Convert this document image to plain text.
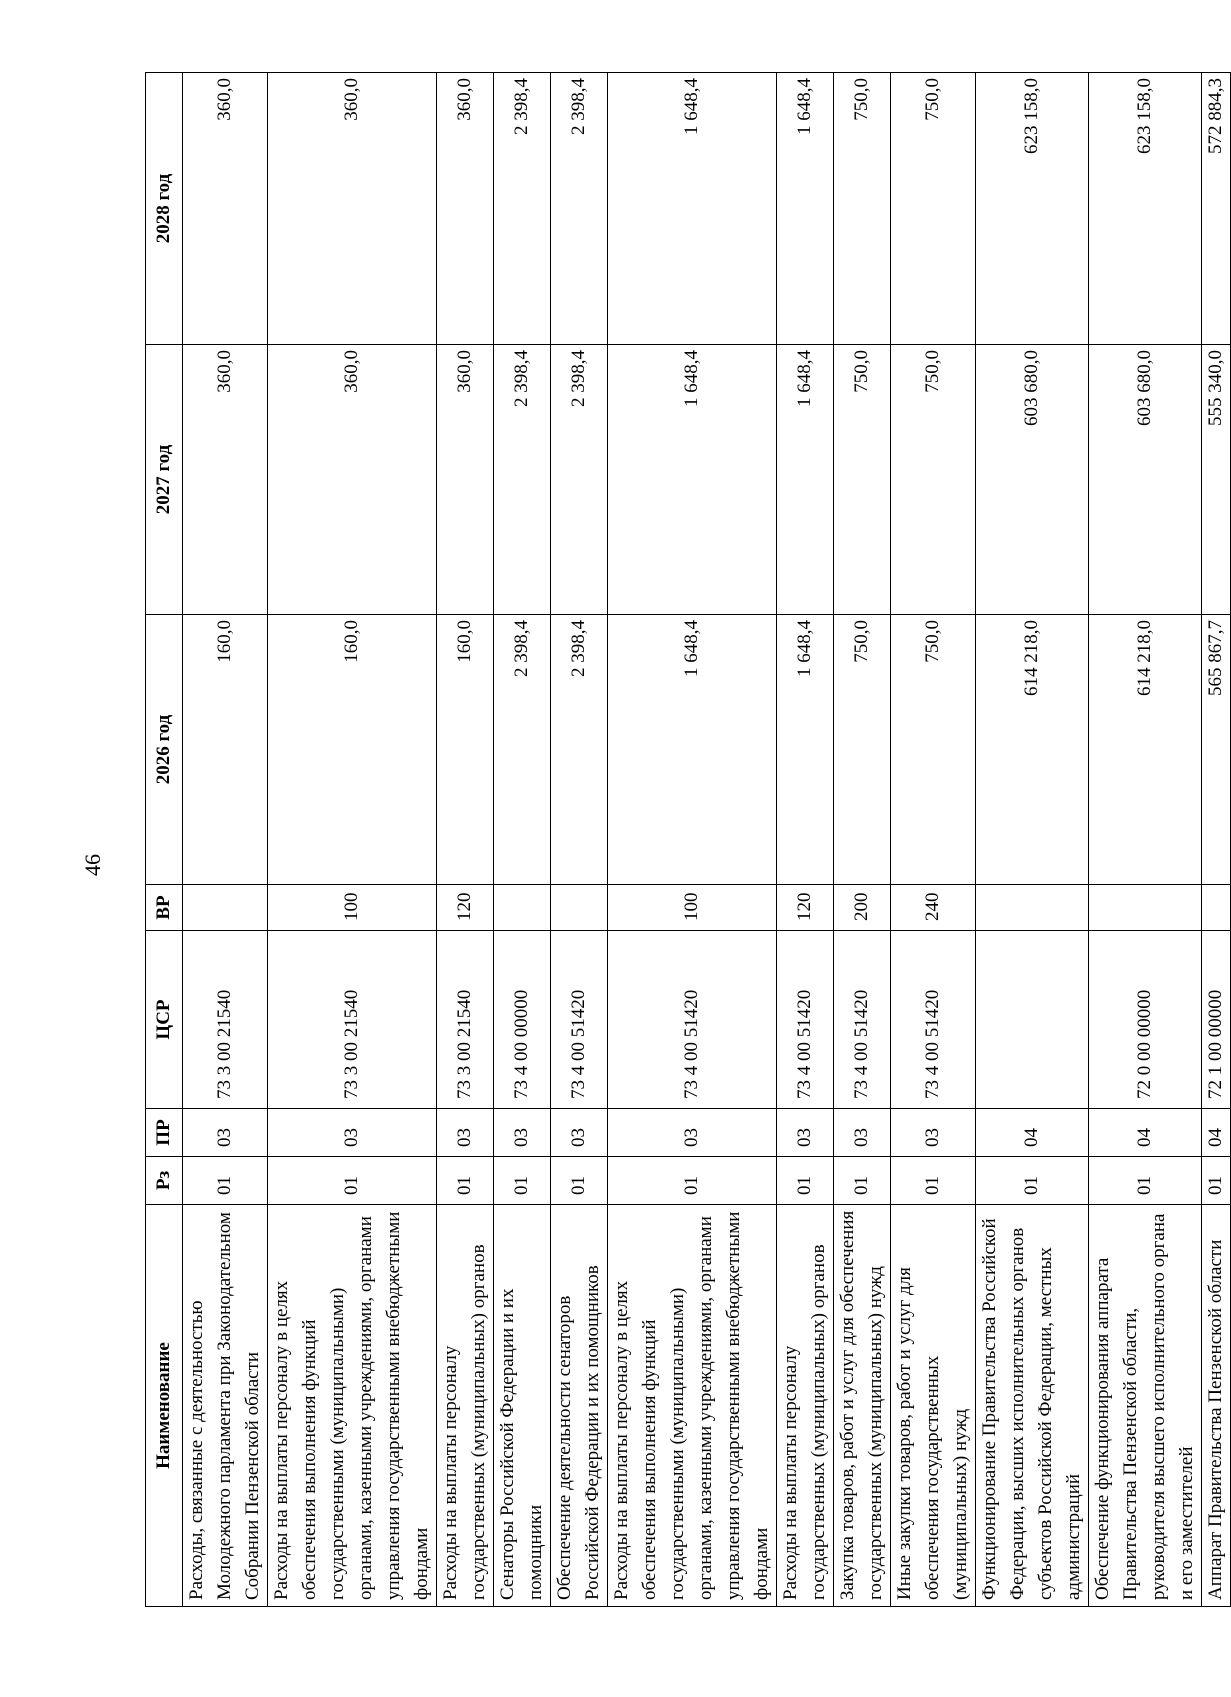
46
Наименование	Рз	ПР	ЦСР	ВР	2026 год	2027 год	2028 год
Расходы, связанные с деятельностью Молодежного парламента при Законодательном Собрании Пензенской области	01	03	73 3 00 21540		160,0	360,0	360,0
Расходы на выплаты персоналу в целях обеспечения выполнения функций государственными (муниципальными) органами, казенными учреждениями, органами управления государственными внебюджетными фондами	01	03	73 3 00 21540	100	160,0	360,0	360,0
Расходы на выплаты персоналу государственных (муниципальных) органов	01	03	73 3 00 21540	120	160,0	360,0	360,0
Сенаторы Российской Федерации и их помощники	01	03	73 4 00 00000		2 398,4	2 398,4	2 398,4
Обеспечение деятельности сенаторов Российской Федерации и их помощников	01	03	73 4 00 51420		2 398,4	2 398,4	2 398,4
Расходы на выплаты персоналу в целях обеспечения выполнения функций государственными (муниципальными) органами, казенными учреждениями, органами управления государственными внебюджетными фондами	01	03	73 4 00 51420	100	1 648,4	1 648,4	1 648,4
Расходы на выплаты персоналу государственных (муниципальных) органов	01	03	73 4 00 51420	120	1 648,4	1 648,4	1 648,4
Закупка товаров, работ и услуг для обеспечения государственных (муниципальных) нужд	01	03	73 4 00 51420	200	750,0	750,0	750,0
Иные закупки товаров, работ и услуг для обеспечения государственных (муниципальных) нужд	01	03	73 4 00 51420	240	750,0	750,0	750,0
Функционирование Правительства Российской Федерации, высших исполнительных органов субъектов Российской Федерации, местных администраций	01	04			614 218,0	603 680,0	623 158,0
Обеспечение функционирования аппарата Правительства Пензенской области, руководителя высшего исполнительного органа и его заместителей	01	04	72 0 00 00000		614 218,0	603 680,0	623 158,0
Аппарат Правительства Пензенской области	01	04	72 1 00 00000		565 867,7	555 340,0	572 884,3
